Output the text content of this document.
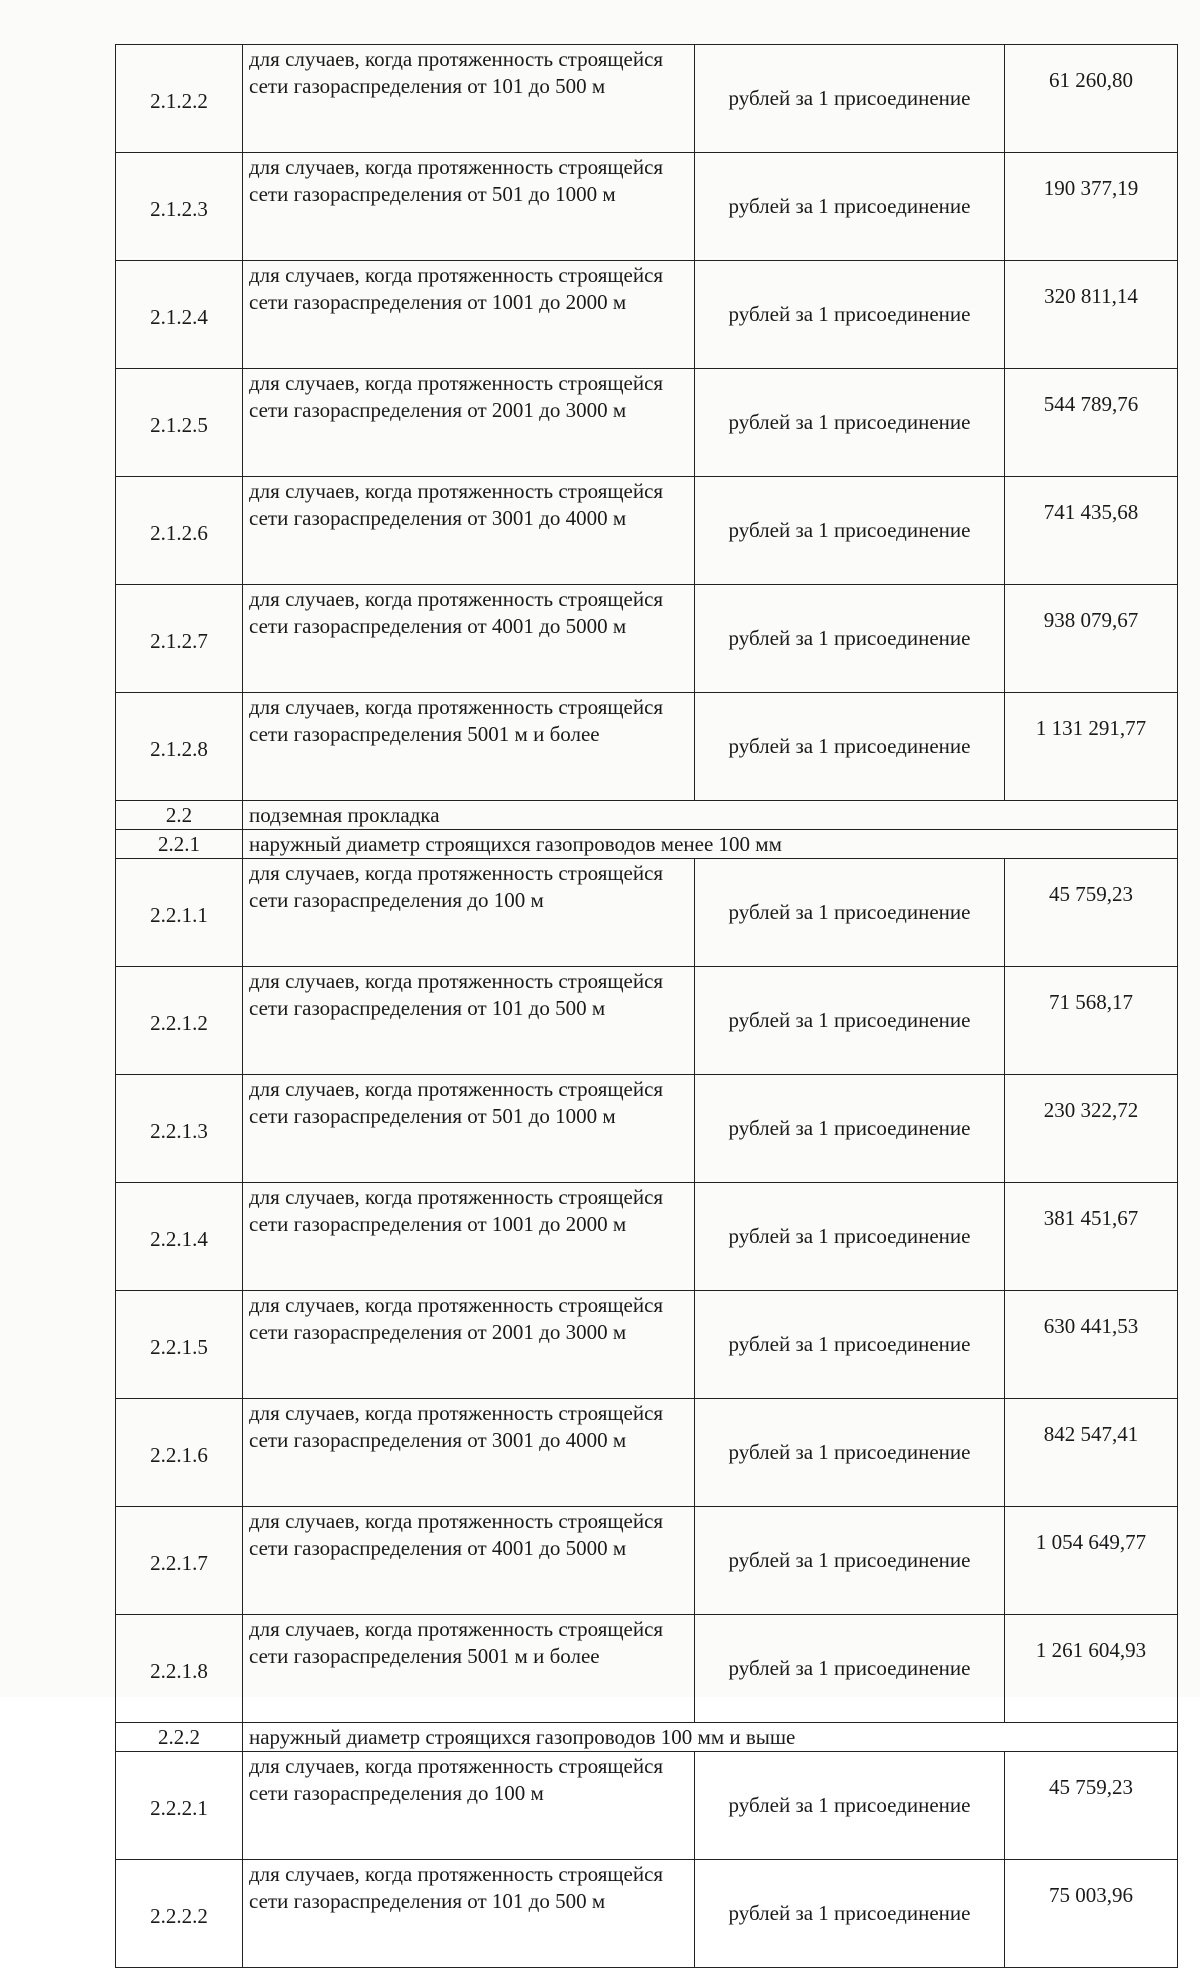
2.1.2.2	для случаев, когда протяженность строящейся сети газораспределения от 101 до 500 м	рублей за 1 присоединение	61 260,80
2.1.2.3	для случаев, когда протяженность строящейся сети газораспределения от 501 до 1000 м	рублей за 1 присоединение	190 377,19
2.1.2.4	для случаев, когда протяженность строящейся сети газораспределения от 1001 до 2000 м	рублей за 1 присоединение	320 811,14
2.1.2.5	для случаев, когда протяженность строящейся сети газораспределения от 2001 до 3000 м	рублей за 1 присоединение	544 789,76
2.1.2.6	для случаев, когда протяженность строящейся сети газораспределения от 3001 до 4000 м	рублей за 1 присоединение	741 435,68
2.1.2.7	для случаев, когда протяженность строящейся сети газораспределения от 4001 до 5000 м	рублей за 1 присоединение	938 079,67
2.1.2.8	для случаев, когда протяженность строящейся сети газораспределения 5001 м и более	рублей за 1 присоединение	1 131 291,77
2.2	подземная прокладка		
2.2.1	наружный диаметр строящихся газопроводов менее 100 мм		
2.2.1.1	для случаев, когда протяженность строящейся сети газораспределения до 100 м	рублей за 1 присоединение	45 759,23
2.2.1.2	для случаев, когда протяженность строящейся сети газораспределения от 101 до 500 м	рублей за 1 присоединение	71 568,17
2.2.1.3	для случаев, когда протяженность строящейся сети газораспределения от 501 до 1000 м	рублей за 1 присоединение	230 322,72
2.2.1.4	для случаев, когда протяженность строящейся сети газораспределения от 1001 до 2000 м	рублей за 1 присоединение	381 451,67
2.2.1.5	для случаев, когда протяженность строящейся сети газораспределения от 2001 до 3000 м	рублей за 1 присоединение	630 441,53
2.2.1.6	для случаев, когда протяженность строящейся сети газораспределения от 3001 до 4000 м	рублей за 1 присоединение	842 547,41
2.2.1.7	для случаев, когда протяженность строящейся сети газораспределения от 4001 до 5000 м	рублей за 1 присоединение	1 054 649,77
2.2.1.8	для случаев, когда протяженность строящейся сети газораспределения 5001 м и более	рублей за 1 присоединение	1 261 604,93
2.2.2	наружный диаметр строящихся газопроводов 100 мм и выше		
2.2.2.1	для случаев, когда протяженность строящейся сети газораспределения до 100 м	рублей за 1 присоединение	45 759,23
2.2.2.2	для случаев, когда протяженность строящейся сети газораспределения от 101 до 500 м	рублей за 1 присоединение	75 003,96
